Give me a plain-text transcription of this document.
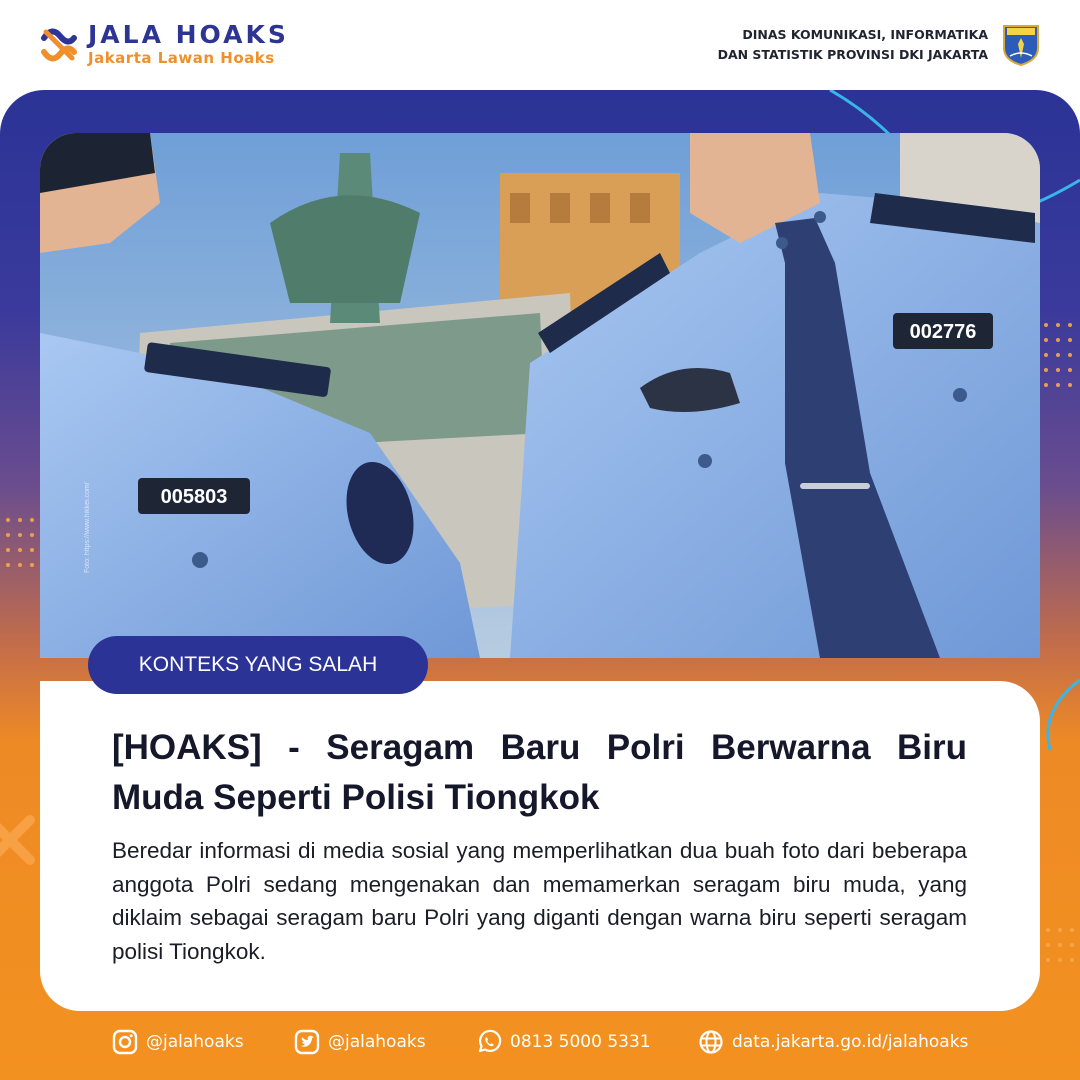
JALA HOAKS
Jakarta Lawan Hoaks
DINAS KOMUNIKASI, INFORMATIKA
DAN STATISTIK PROVINSI DKI JAKARTA
005803
002776
Foto: https://www.hikkei.com/
KONTEKS YANG SALAH
[HOAKS] - Seragam Baru Polri Berwarna Biru Muda Seperti Polisi Tiongkok

Beredar informasi di media sosial yang memperlihatkan dua buah foto dari beberapa anggota Polri sedang mengenakan dan memamerkan seragam biru muda, yang diklaim sebagai seragam baru Polri yang diganti dengan warna biru seperti seragam polisi Tiongkok.

@jalahoaks	@jalahoaks	0813 5000 5331	data.jakarta.go.id/jalahoaks
